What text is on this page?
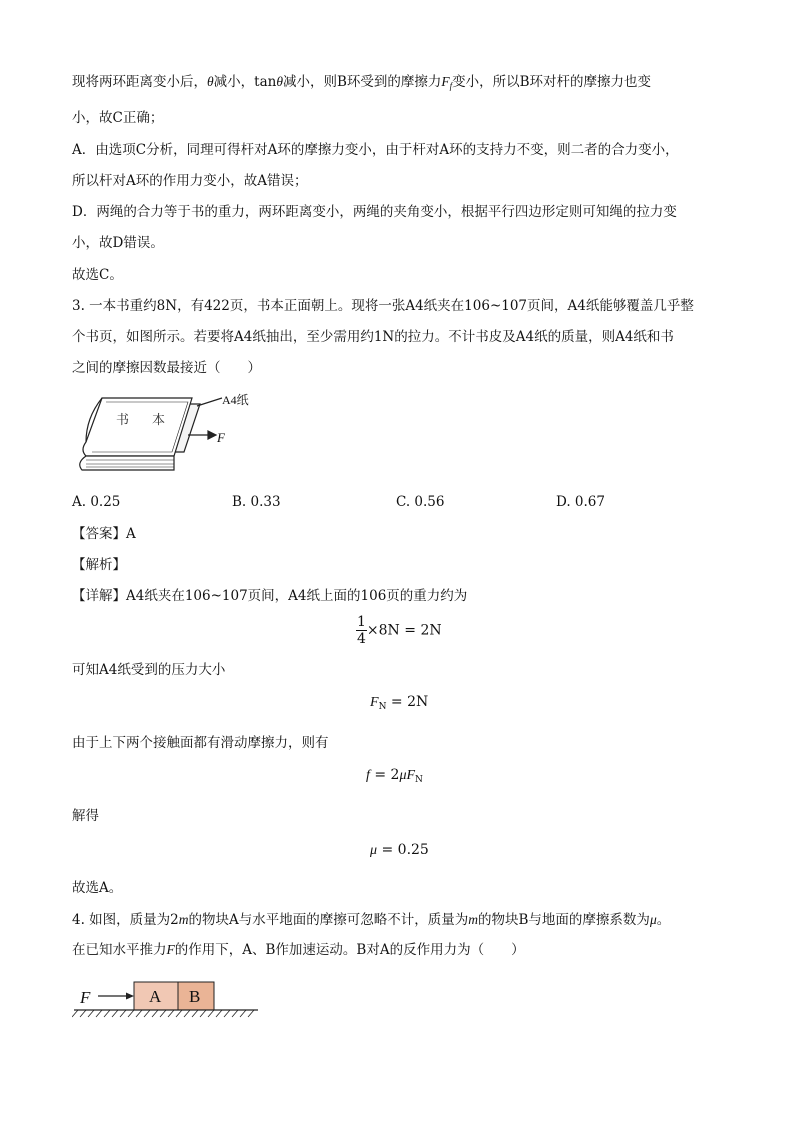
现将两环距离变小后，θ减小，tanθ减小，则B环受到的摩擦力$F_f$变小，所以B环对杆的摩擦力也变
小，故C正确；
A．由选项C分析，同理可得杆对A环的摩擦力变小，由于杆对A环的支持力不变，则二者的合力变小，
所以杆对A环的作用力变小，故A错误；
D．两绳的合力等于书的重力，两环距离变小，两绳的夹角变小，根据平行四边形定则可知绳的拉力变
小，故D错误。
故选C。
3. 一本书重约8N，有422页，书本正面朝上。现将一张A4纸夹在106~107页间，A4纸能够覆盖几乎整
个书页，如图所示。若要将A4纸抽出，至少需用约1N的拉力。不计书皮及A4纸的质量，则A4纸和书
之间的摩擦因数最接近（　　）
书 本
A4纸
F
A. 0.25	B. 0.33	C. 0.56	D. 0.67
【答案】A
【解析】
【详解】A4纸夹在106~107页间，A4纸上面的106页的重力约为
$\frac{1}{4} \times 8N = 2N$
可知A4纸受到的压力大小
$F_N = 2N$
由于上下两个接触面都有滑动摩擦力，则有
$f = 2\mu F_N$
解得
μ = 0.25
故选A。
4. 如图，质量为2m的物块A与水平地面的摩擦可忽略不计，质量为m的物块B与地面的摩擦系数为μ。
在已知水平推力F的作用下，A、B作加速运动。B对A的反作用力为（　　）
F	A B
